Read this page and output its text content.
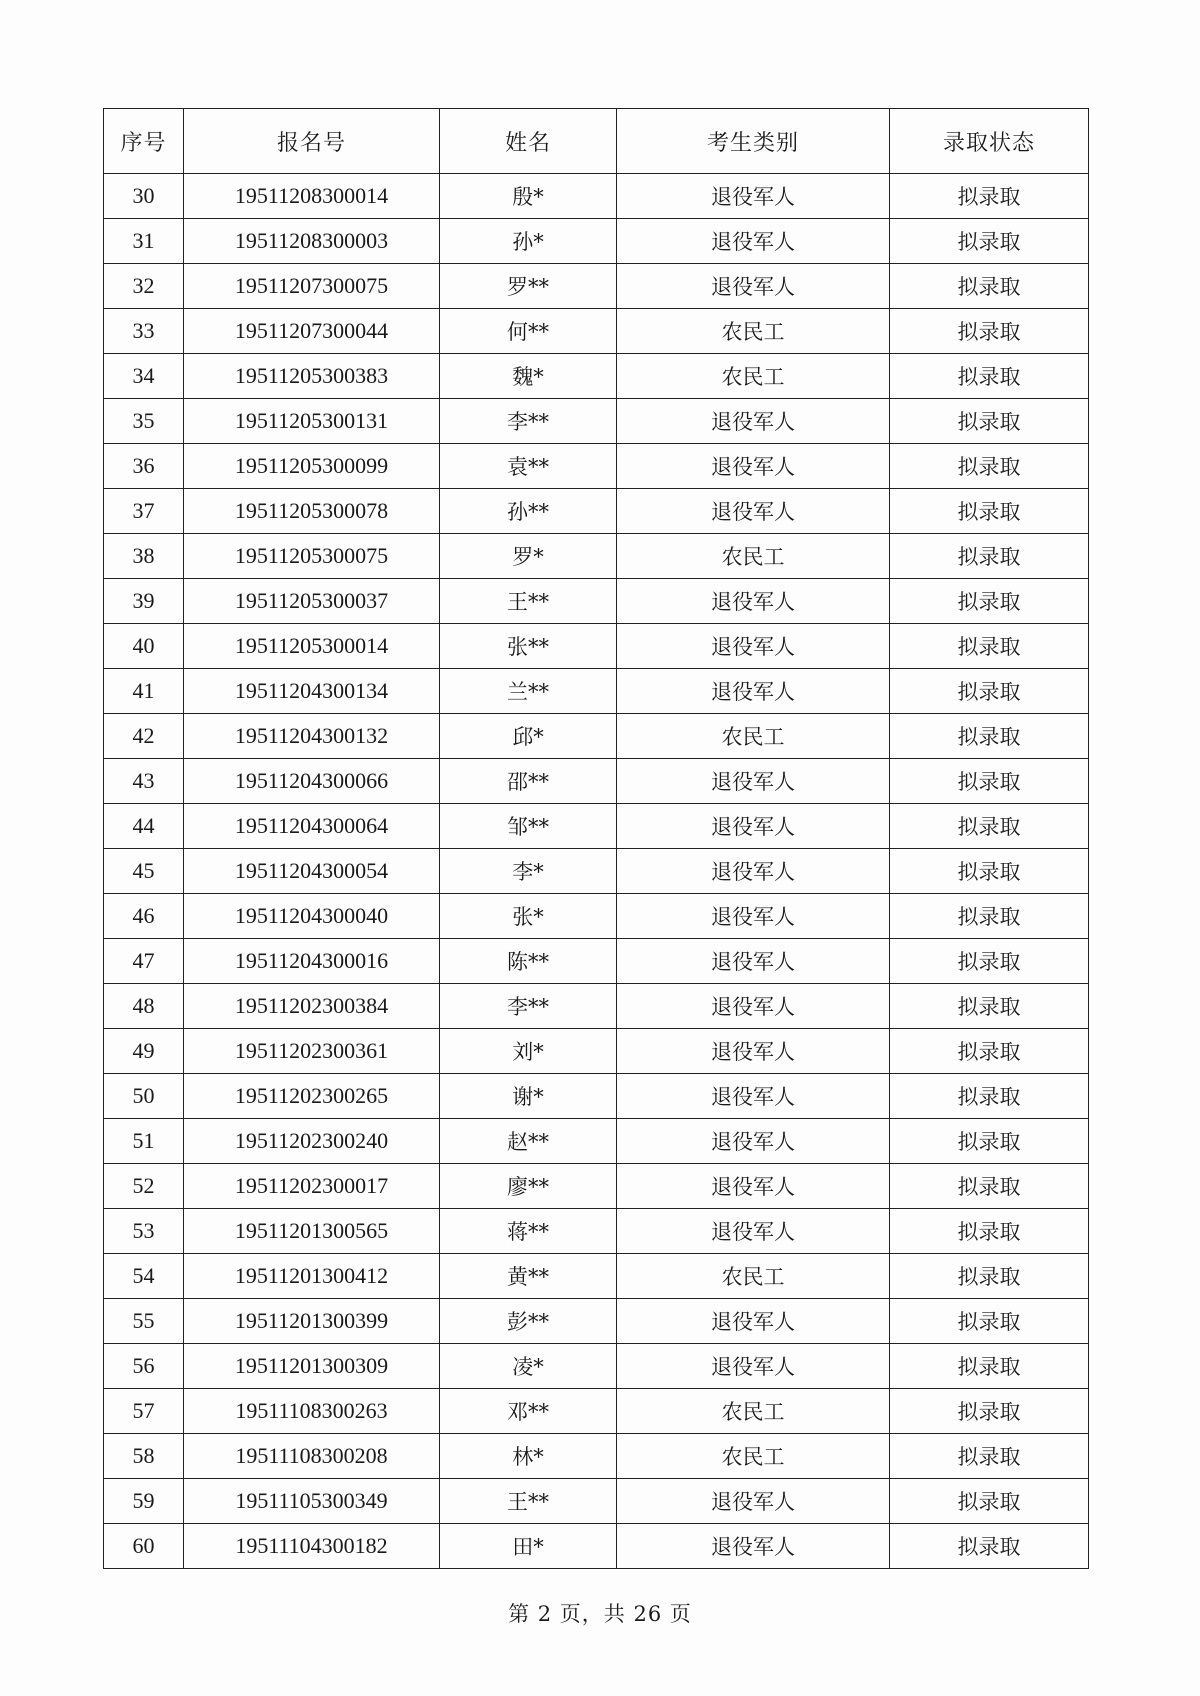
序号	报名号	姓名	考生类别	录取状态
30	19511208300014	殷*	退役军人	拟录取
31	19511208300003	孙*	退役军人	拟录取
32	19511207300075	罗**	退役军人	拟录取
33	19511207300044	何**	农民工	拟录取
34	19511205300383	魏*	农民工	拟录取
35	19511205300131	李**	退役军人	拟录取
36	19511205300099	袁**	退役军人	拟录取
37	19511205300078	孙**	退役军人	拟录取
38	19511205300075	罗*	农民工	拟录取
39	19511205300037	王**	退役军人	拟录取
40	19511205300014	张**	退役军人	拟录取
41	19511204300134	兰**	退役军人	拟录取
42	19511204300132	邱*	农民工	拟录取
43	19511204300066	邵**	退役军人	拟录取
44	19511204300064	邹**	退役军人	拟录取
45	19511204300054	李*	退役军人	拟录取
46	19511204300040	张*	退役军人	拟录取
47	19511204300016	陈**	退役军人	拟录取
48	19511202300384	李**	退役军人	拟录取
49	19511202300361	刘*	退役军人	拟录取
50	19511202300265	谢*	退役军人	拟录取
51	19511202300240	赵**	退役军人	拟录取
52	19511202300017	廖**	退役军人	拟录取
53	19511201300565	蒋**	退役军人	拟录取
54	19511201300412	黄**	农民工	拟录取
55	19511201300399	彭**	退役军人	拟录取
56	19511201300309	凌*	退役军人	拟录取
57	19511108300263	邓**	农民工	拟录取
58	19511108300208	林*	农民工	拟录取
59	19511105300349	王**	退役军人	拟录取
60	19511104300182	田*	退役军人	拟录取
第 2 页，共 26 页
